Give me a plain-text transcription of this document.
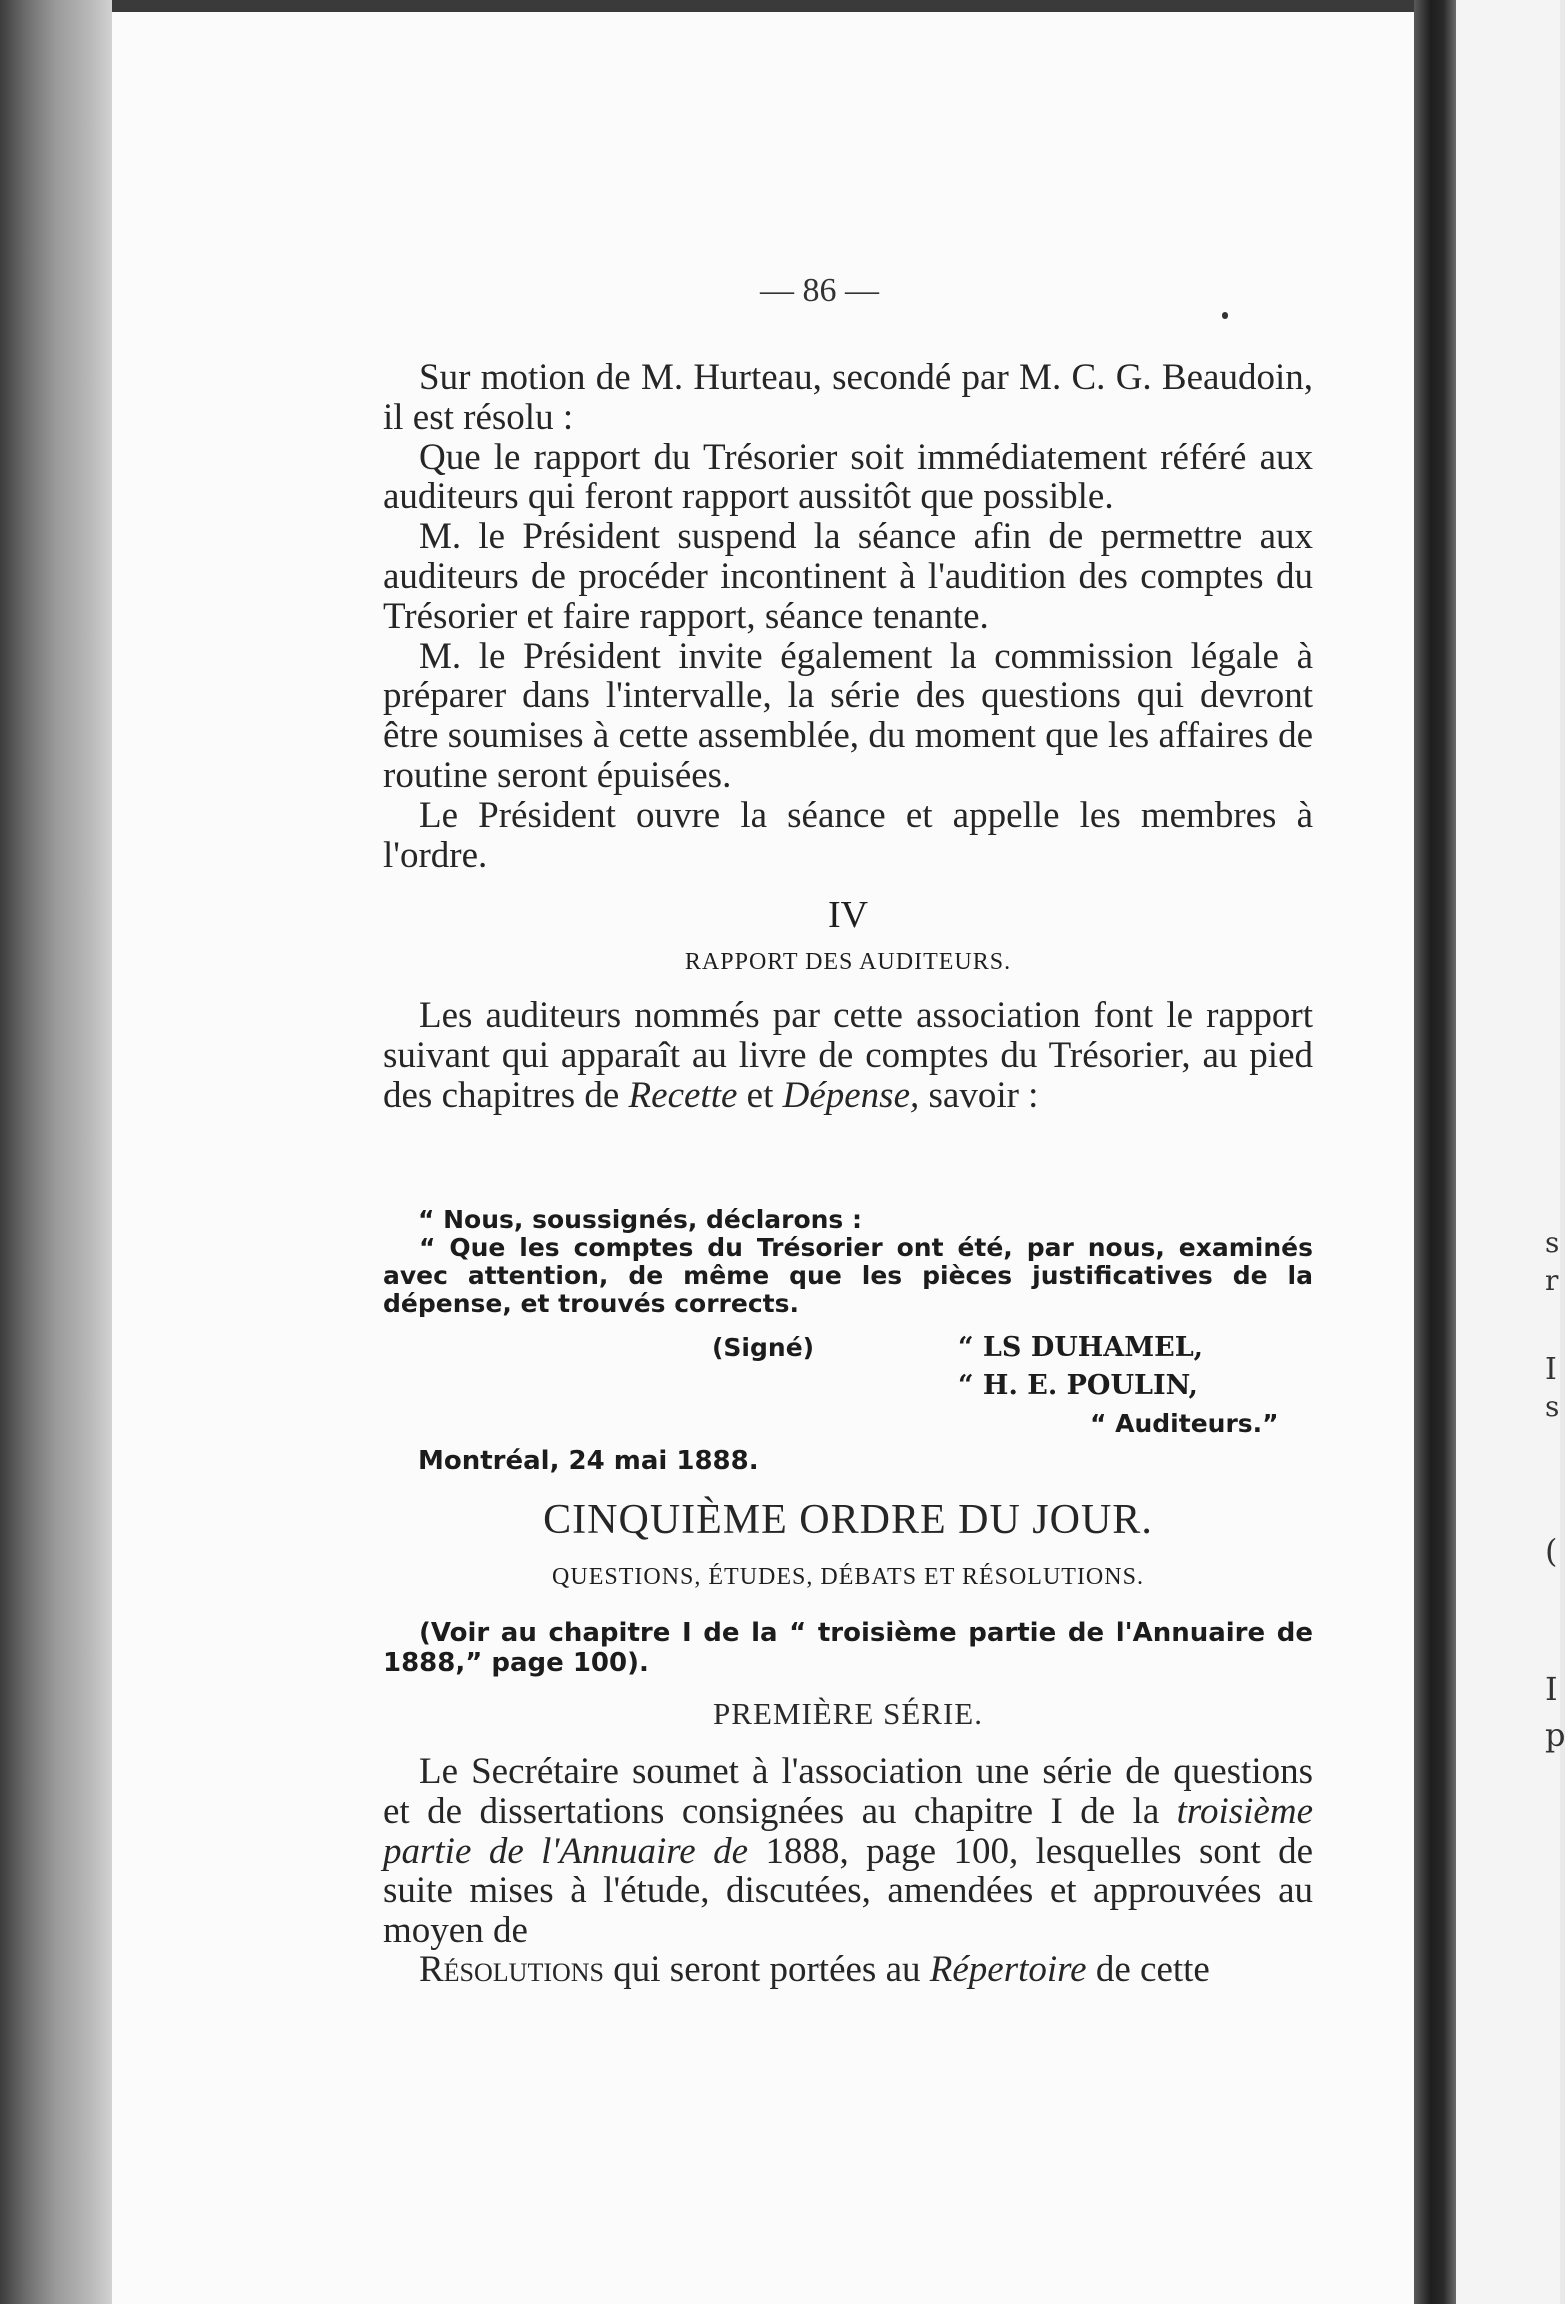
s
r
I
s
(
I
p
— 86 —

Sur motion de M. Hurteau, secondé par M. C. G. Beaudoin, il est résolu :

Que le rapport du Trésorier soit immédiatement référé aux auditeurs qui feront rapport aussitôt que possible.

M. le Président suspend la séance afin de permettre aux auditeurs de procéder incontinent à l'audition des comptes du Trésorier et faire rapport, séance tenante.

M. le Président invite également la commission légale à préparer dans l'intervalle, la série des questions qui devront être soumises à cette assemblée, du moment que les affaires de routine seront épuisées.

Le Président ouvre la séance et appelle les membres à l'ordre.

IV
RAPPORT DES AUDITEURS.

Les auditeurs nommés par cette association font le rapport suivant qui apparaît au livre de comptes du Trésorier, au pied des chapitres de Recette et Dépense, savoir :

“ Nous, soussignés, déclarons :
“ Que les comptes du Trésorier ont été, par nous, examinés avec attention, de même que les pièces justificatives de la dépense, et trouvés corrects.
(Signé)	“ LS DUHAMEL,
“ H. E. POULIN,
“ Auditeurs.”
Montréal, 24 mai 1888.
CINQUIÈME ORDRE DU JOUR.
QUESTIONS, ÉTUDES, DÉBATS ET RÉSOLUTIONS.
(Voir au chapitre I de la “ troisième partie de l'Annuaire de 1888,” page 100).
PREMIÈRE SÉRIE.

Le Secrétaire soumet à l'association une série de questions et de dissertations consignées au chapitre I de la troisième partie de l'Annuaire de 1888, page 100, lesquelles sont de suite mises à l'étude, discutées, amendées et approuvées au moyen de

Résolutions qui seront portées au Répertoire de cette
